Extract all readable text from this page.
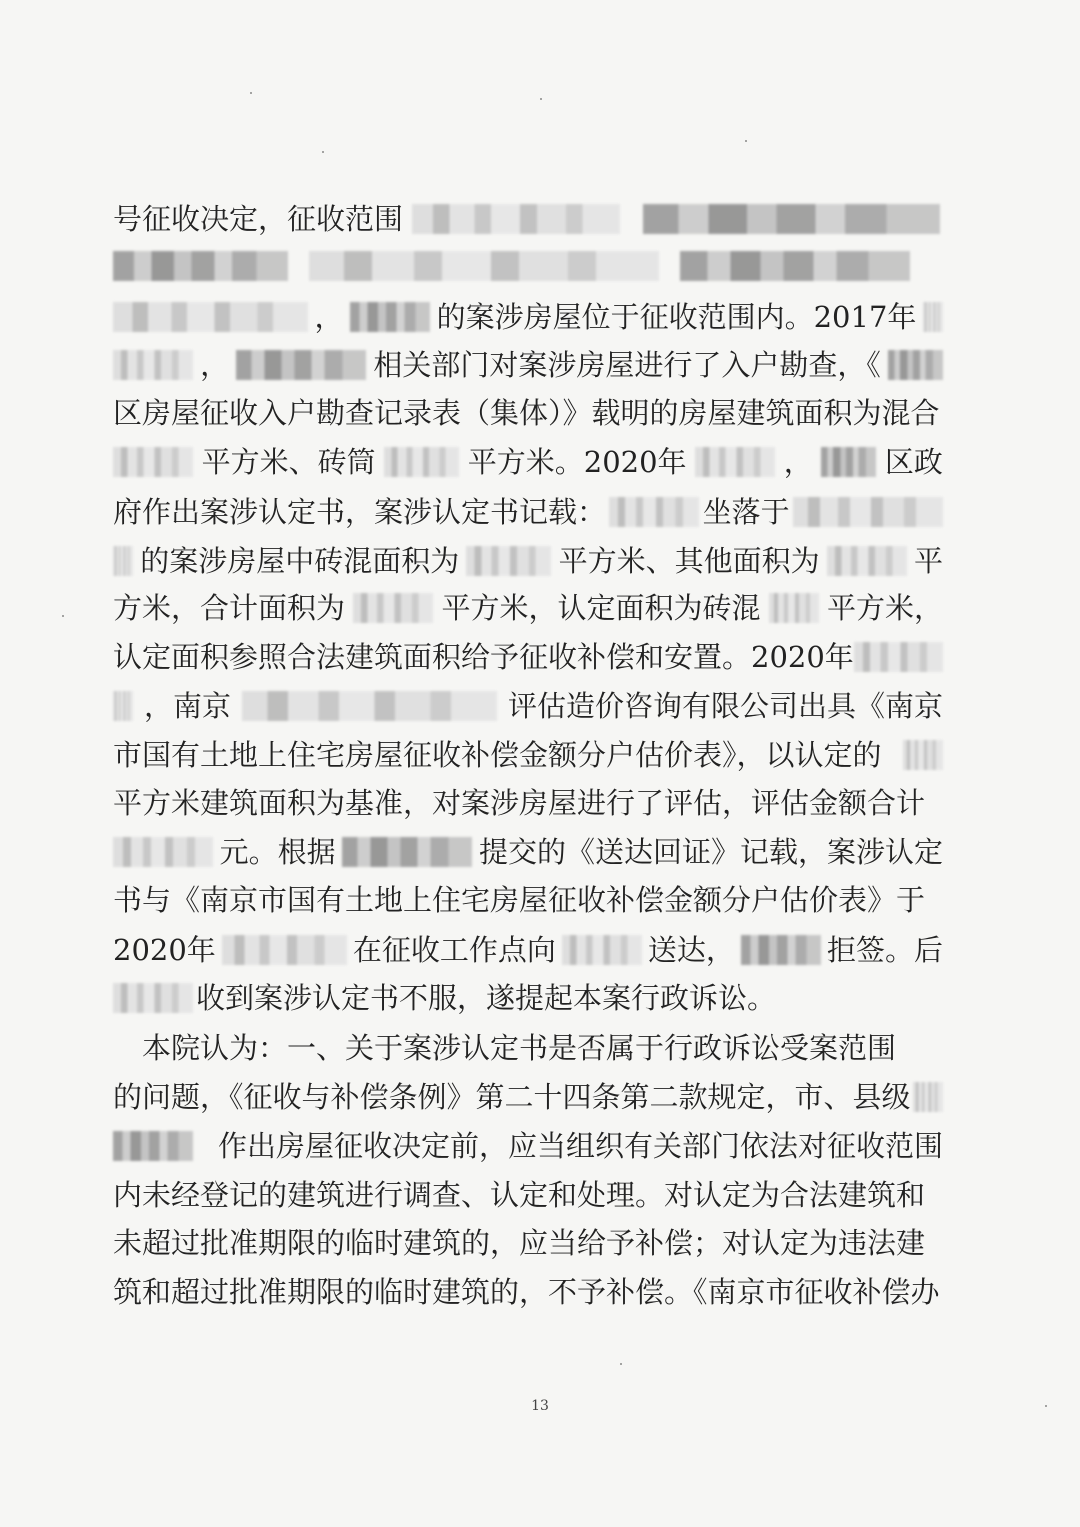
号征收决定，征收范围
，	的案涉房屋位于征收范围内。2017年
，	相关部门对案涉房屋进行了入户勘查，《
区房屋征收入户勘查记录表（集体）》载明的房屋建筑面积为混合
平方米、砖筒	平方米。2020年	， 区政
府作出案涉认定书，案涉认定书记载：	坐落于
的案涉房屋中砖混面积为	平方米、其他面积为	平
方米，合计面积为	平方米，认定面积为砖混 平方米，
认定面积参照合法建筑面积给予征收补偿和安置。2020年
，南京	评估造价咨询有限公司出具《南京
市国有土地上住宅房屋征收补偿金额分户估价表》，以认定的
平方米建筑面积为基准，对案涉房屋进行了评估，评估金额合计
元。根据	提交的《送达回证》记载，案涉认定
书与《南京市国有土地上住宅房屋征收补偿金额分户估价表》于
2020年	在征收工作点向	送达，	拒签。后
收到案涉认定书不服，遂提起本案行政诉讼。
　本院认为：一、关于案涉认定书是否属于行政诉讼受案范围
的问题，《征收与补偿条例》第二十四条第二款规定，市、县级
作出房屋征收决定前，应当组织有关部门依法对征收范围
内未经登记的建筑进行调查、认定和处理。对认定为合法建筑和
未超过批准期限的临时建筑的，应当给予补偿；对认定为违法建
筑和超过批准期限的临时建筑的，不予补偿。《南京市征收补偿办
13
